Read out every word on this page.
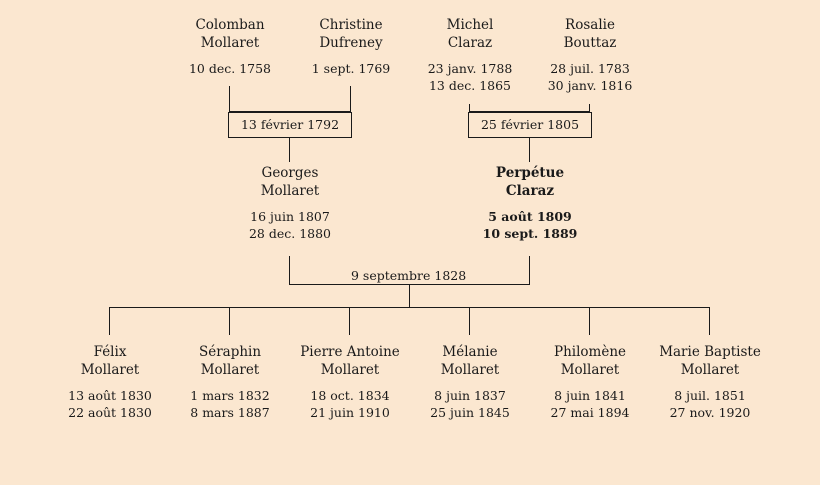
Colomban
Mollaret
10 dec. 1758
Christine
Dufreney
1 sept. 1769
Michel
Claraz
23 janv. 1788
13 dec. 1865
Rosalie
Bouttaz
28 juil. 1783
30 janv. 1816
13 février 1792	25 février 1805
Georges
Mollaret
16 juin 1807
28 dec. 1880
Perpétue
Claraz
5 août 1809
10 sept. 1889
9 septembre 1828
Félix
Mollaret
13 août 1830
22 août 1830
Séraphin
Mollaret
1 mars 1832
8 mars 1887
Pierre Antoine
Mollaret
18 oct. 1834
21 juin 1910
Mélanie
Mollaret
8 juin 1837
25 juin 1845
Philomène
Mollaret
8 juin 1841
27 mai 1894
Marie Baptiste
Mollaret
8 juil. 1851
27 nov. 1920
